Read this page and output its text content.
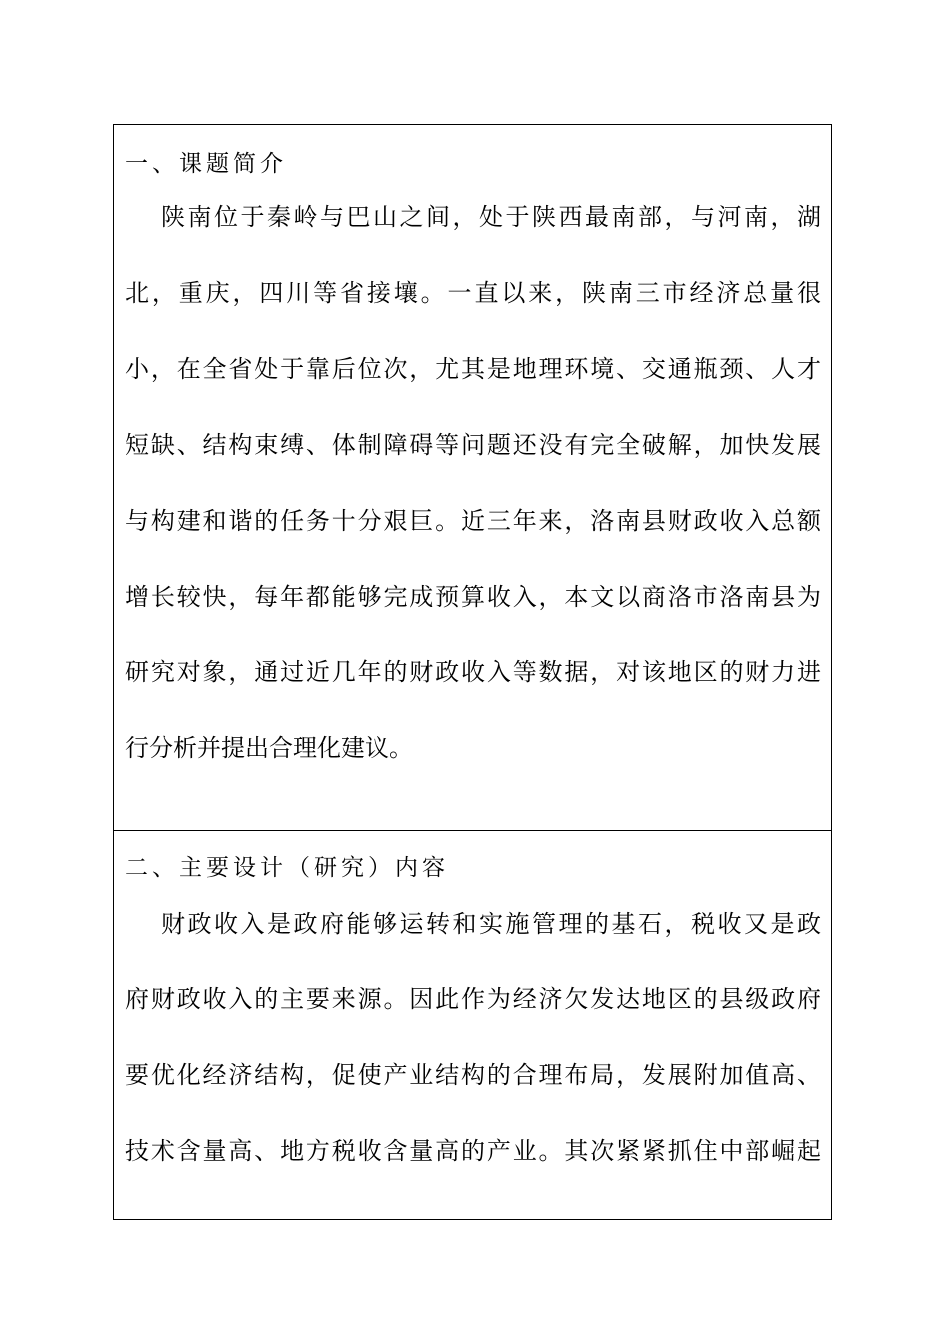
一、课题简介
陕南位于秦岭与巴山之间，处于陕西最南部，与河南，湖
北，重庆，四川等省接壤。一直以来，陕南三市经济总量很
小，在全省处于靠后位次，尤其是地理环境、交通瓶颈、人才
短缺、结构束缚、体制障碍等问题还没有完全破解，加快发展
与构建和谐的任务十分艰巨。近三年来，洛南县财政收入总额
增长较快，每年都能够完成预算收入，本文以商洛市洛南县为
研究对象，通过近几年的财政收入等数据，对该地区的财力进
行分析并提出合理化建议。
二、主要设计（研究）内容
财政收入是政府能够运转和实施管理的基石，税收又是政
府财政收入的主要来源。因此作为经济欠发达地区的县级政府
要优化经济结构，促使产业结构的合理布局，发展附加值高、
技术含量高、地方税收含量高的产业。其次紧紧抓住中部崛起
